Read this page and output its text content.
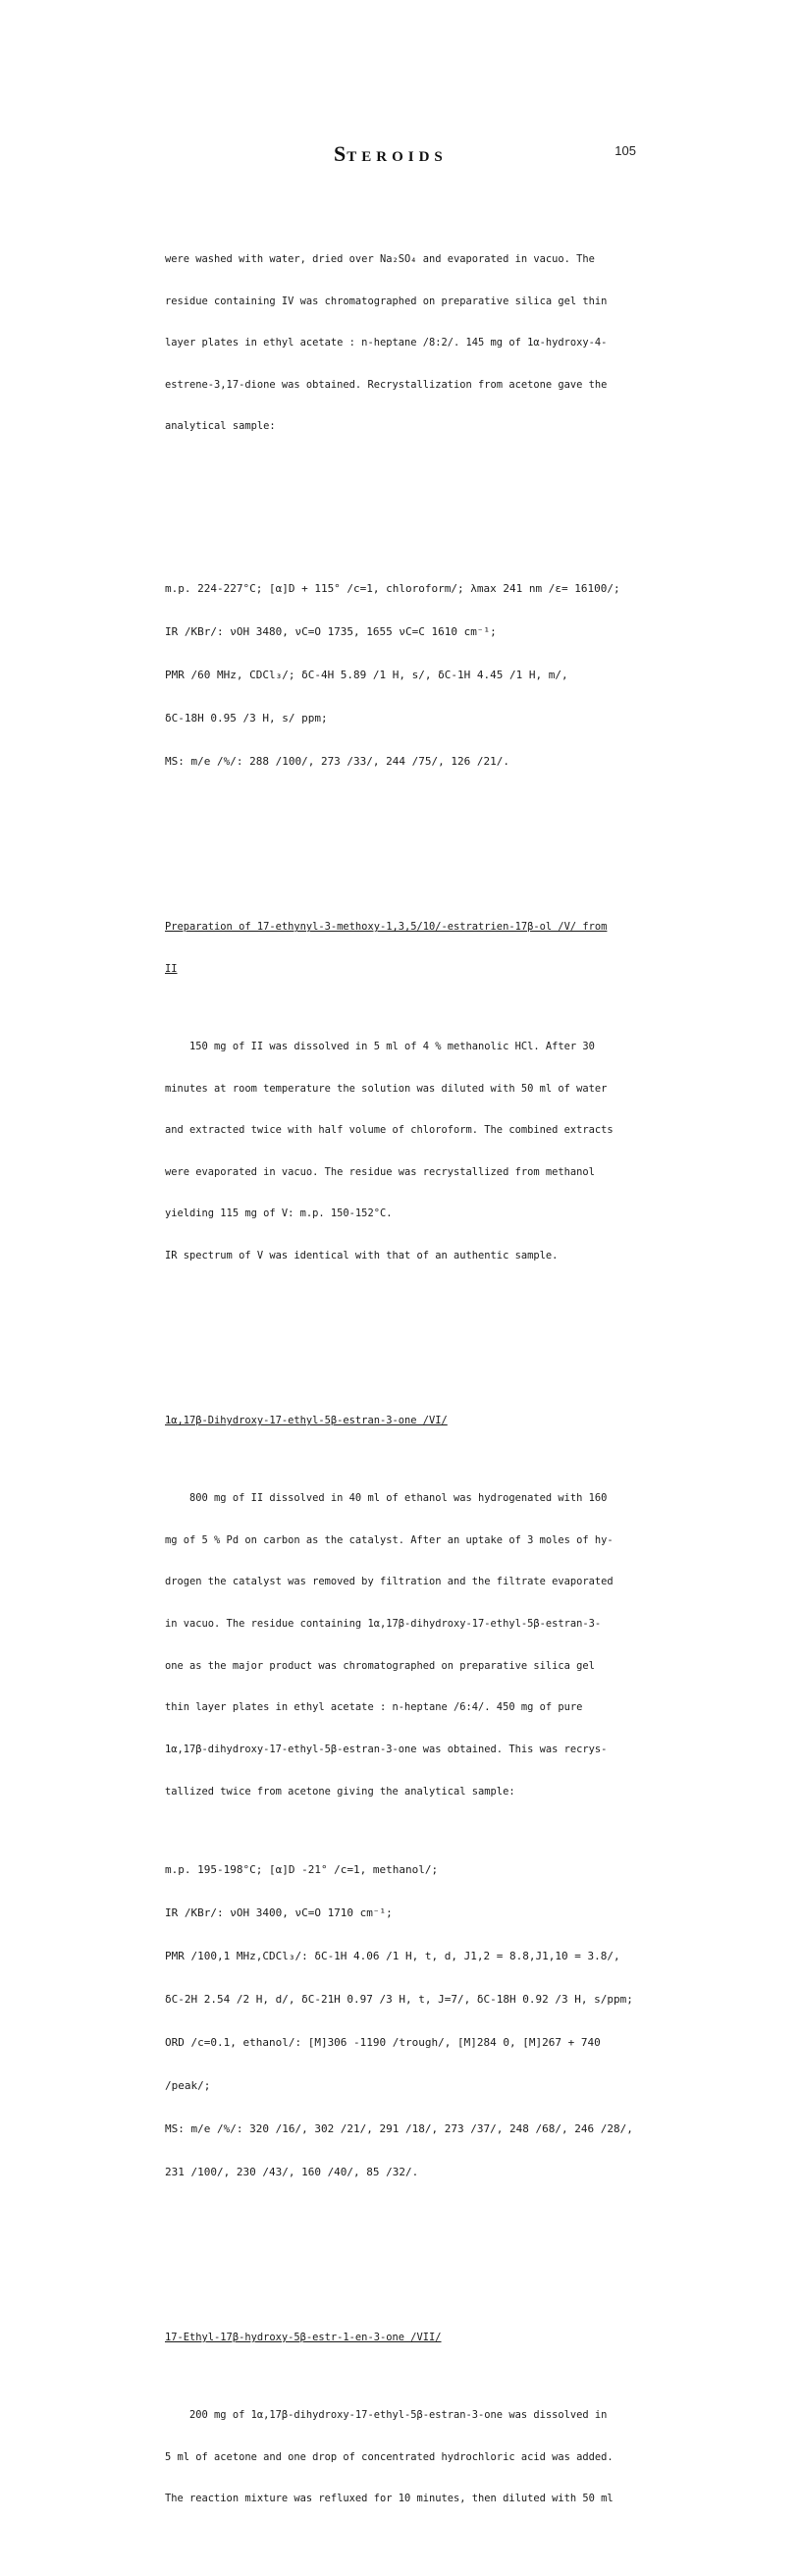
STEROIDS	105

were washed with water, dried over Na₂SO₄ and evaporated in vacuo. The

residue containing IV was chromatographed on preparative silica gel thin

layer plates in ethyl acetate : n-heptane /8:2/. 145 mg of 1α-hydroxy-4-

estrene-3,17-dione was obtained. Recrystallization from acetone gave the

analytical sample:

m.p. 224-227°C; [α]D + 115° /c=1, chloroform/; λmax 241 nm /ε= 16100/;

IR /KBr/: νOH 3480, νC=O 1735, 1655 νC=C 1610 cm⁻¹;

PMR /60 MHz, CDCl₃/; δC-4H 5.89 /1 H, s/, δC-1H 4.45 /1 H, m/,

δC-18H 0.95 /3 H, s/ ppm;

MS: m/e /%/: 288 /100/, 273 /33/, 244 /75/, 126 /21/.

Preparation of 17-ethynyl-3-methoxy-1,3,5/10/-estratrien-17β-ol /V/ from

II

150 mg of II was dissolved in 5 ml of 4 % methanolic HCl. After 30

minutes at room temperature the solution was diluted with 50 ml of water

and extracted twice with half volume of chloroform. The combined extracts

were evaporated in vacuo. The residue was recrystallized from methanol

yielding 115 mg of V: m.p. 150-152°C.

IR spectrum of V was identical with that of an authentic sample.

1α,17β-Dihydroxy-17-ethyl-5β-estran-3-one /VI/

800 mg of II dissolved in 40 ml of ethanol was hydrogenated with 160

mg of 5 % Pd on carbon as the catalyst. After an uptake of 3 moles of hy-

drogen the catalyst was removed by filtration and the filtrate evaporated

in vacuo. The residue containing 1α,17β-dihydroxy-17-ethyl-5β-estran-3-

one as the major product was chromatographed on preparative silica gel

thin layer plates in ethyl acetate : n-heptane /6:4/. 450 mg of pure

1α,17β-dihydroxy-17-ethyl-5β-estran-3-one was obtained. This was recrys-

tallized twice from acetone giving the analytical sample:

m.p. 195-198°C; [α]D -21° /c=1, methanol/;

IR /KBr/: νOH 3400, νC=O 1710 cm⁻¹;

PMR /100,1 MHz,CDCl₃/: δC-1H 4.06 /1 H, t, d, J1,2 = 8.8,J1,10 = 3.8/,

δC-2H 2.54 /2 H, d/, δC-21H 0.97 /3 H, t, J=7/, δC-18H 0.92 /3 H, s/ppm;

ORD /c=0.1, ethanol/: [M]306 -1190 /trough/, [M]284 0, [M]267 + 740

/peak/;

MS: m/e /%/: 320 /16/, 302 /21/, 291 /18/, 273 /37/, 248 /68/, 246 /28/,

231 /100/, 230 /43/, 160 /40/, 85 /32/.

17-Ethyl-17β-hydroxy-5β-estr-1-en-3-one /VII/

200 mg of 1α,17β-dihydroxy-17-ethyl-5β-estran-3-one was dissolved in

5 ml of acetone and one drop of concentrated hydrochloric acid was added.

The reaction mixture was refluxed for 10 minutes, then diluted with 50 ml
